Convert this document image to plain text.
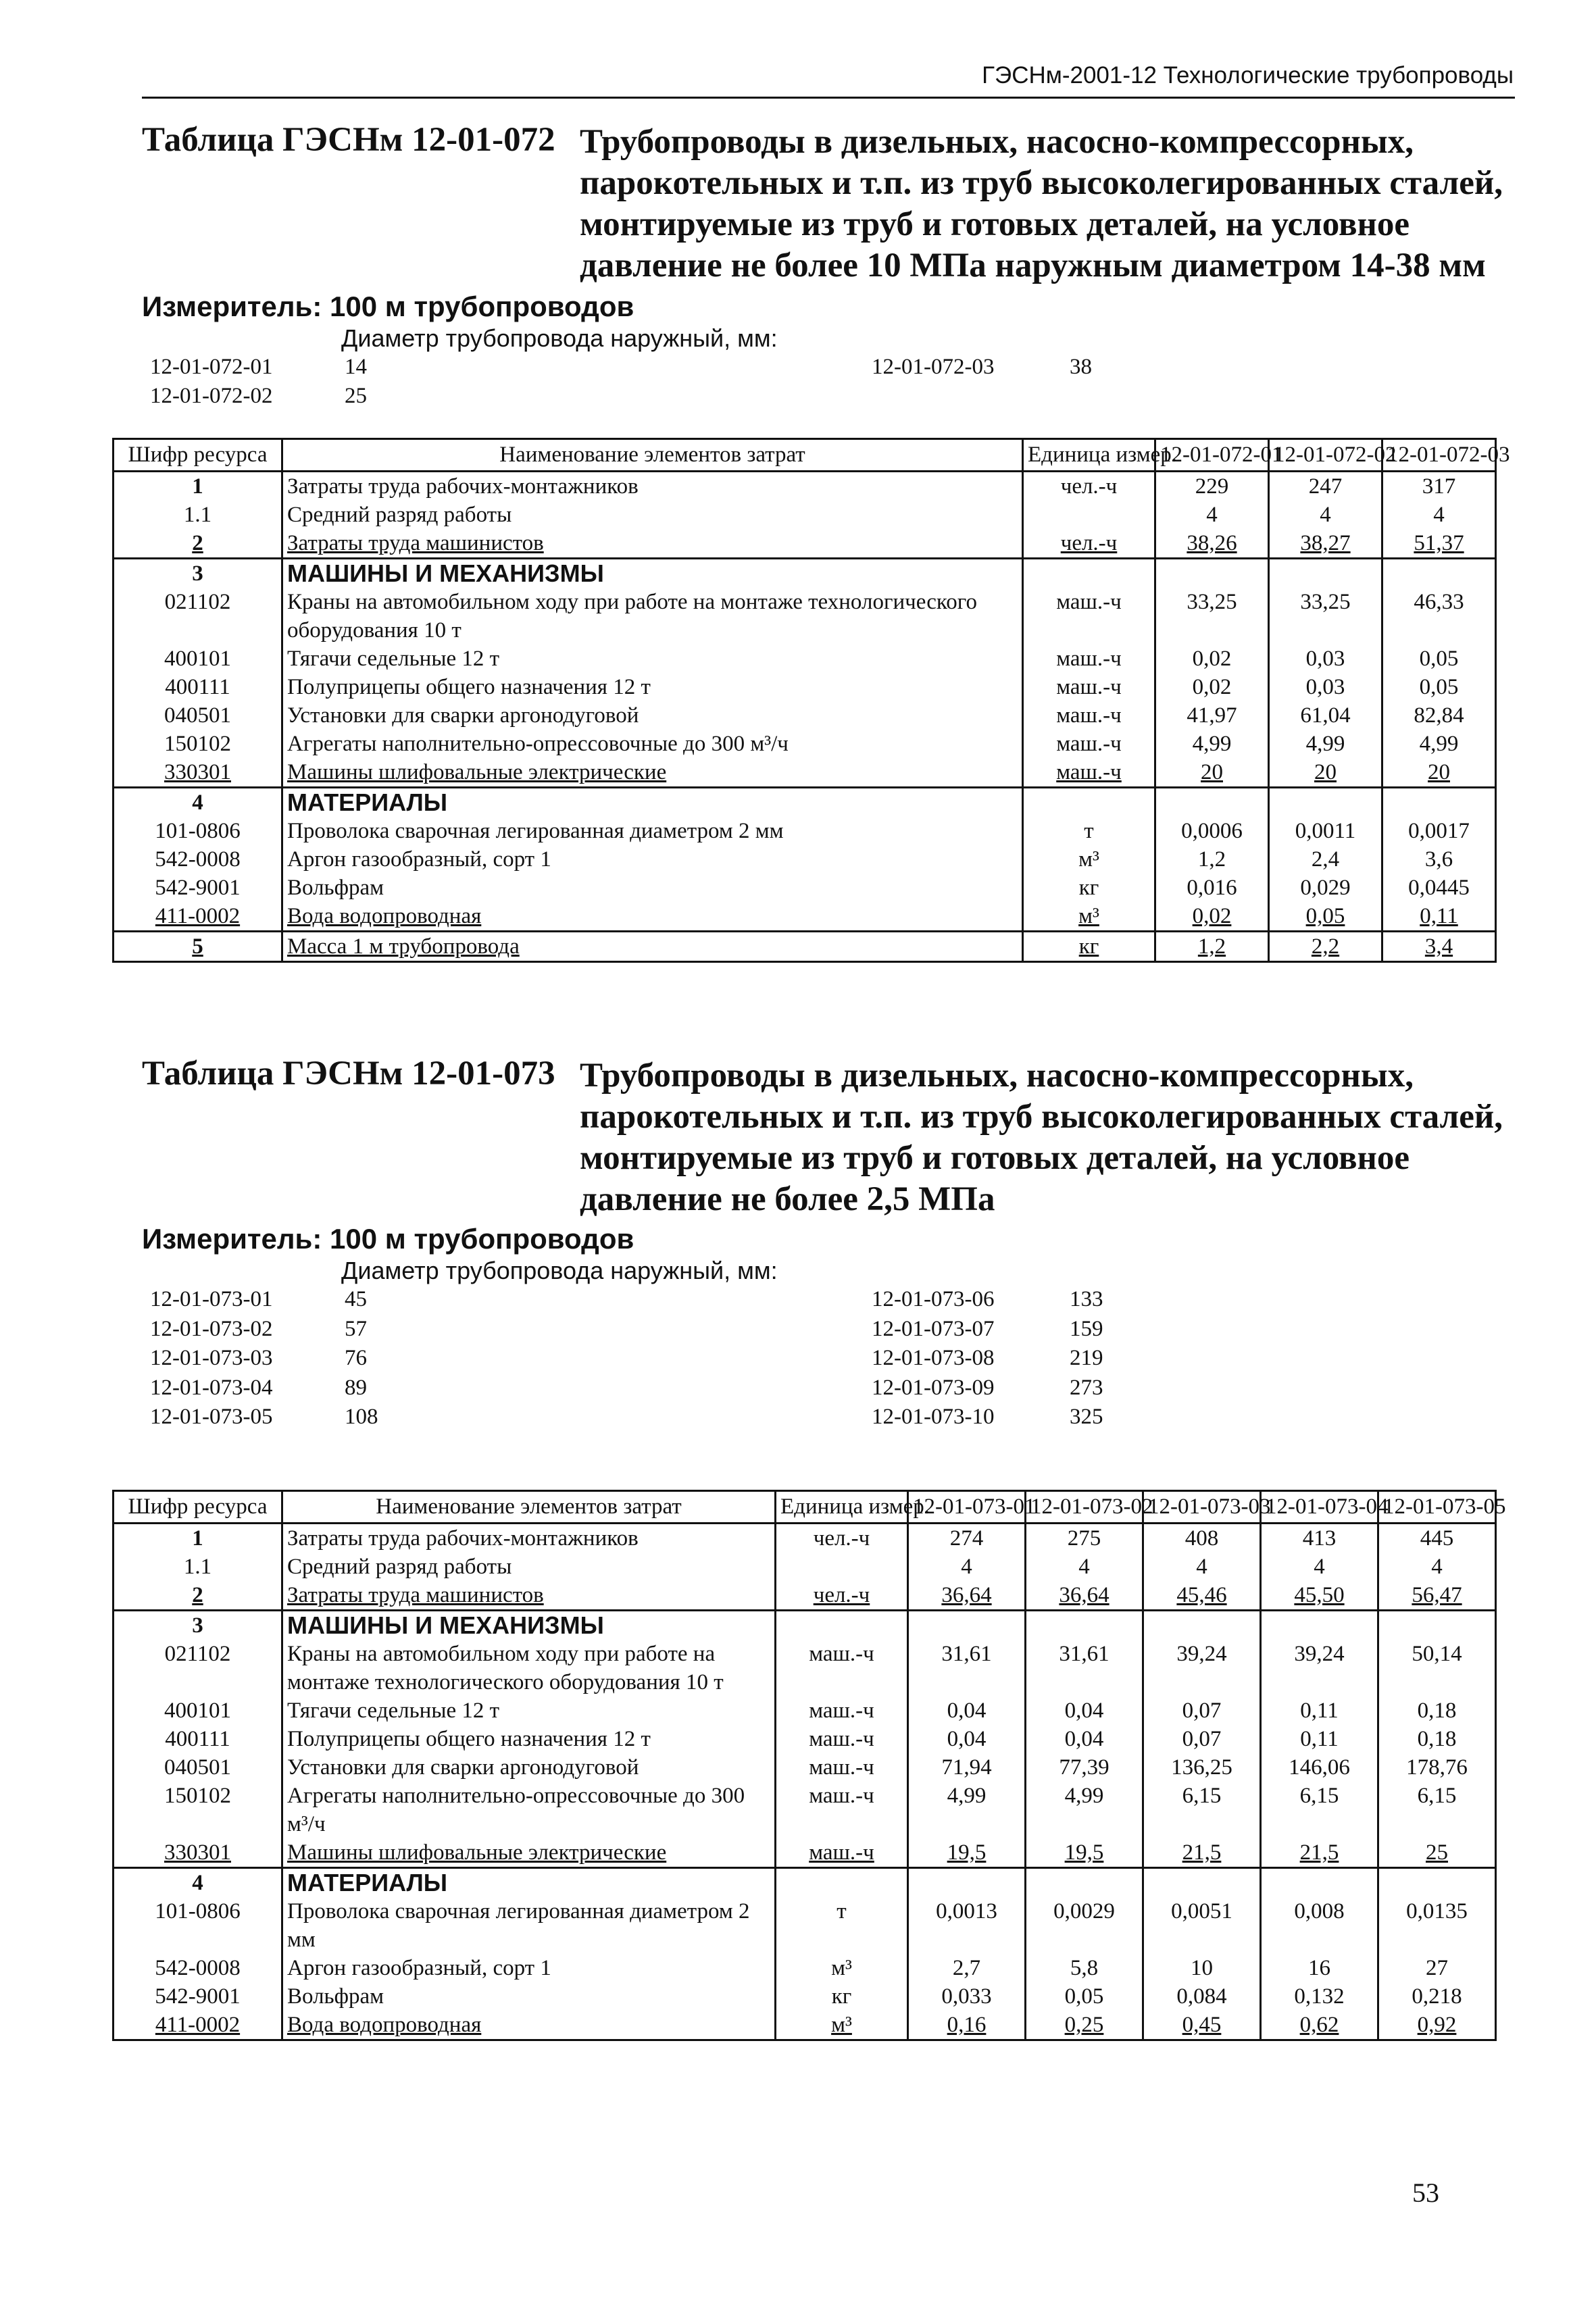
ГЭСНм-2001-12 Технологические трубопроводы
Таблица ГЭСНм 12-01-072 Трубопроводы в дизельных, насосно-компрессорных, парокотельных и т.п. из труб высоколегированных сталей, монтируемые из труб и готовых деталей, на условное давление не более 10 МПа наружным диаметром 14-38 мм
Измеритель: 100 м трубопроводов
Диаметр трубопровода наружный, мм:
12-01-072-01	14
12-01-072-02	25
12-01-072-03	38
Шифр ресурса	Наименование элементов затрат	Единица измер.	12-01-072-01	12-01-072-02	12-01-072-03
1	Затраты труда рабочих-монтажников	чел.-ч	229	247	317
1.1	Средний разряд работы		4	4	4
2	Затраты труда машинистов	чел.-ч	38,26	38,27	51,37
3	МАШИНЫ И МЕХАНИЗМЫ				
021102	Краны на автомобильном ходу при работе на монтаже технологического оборудования 10 т	маш.-ч	33,25	33,25	46,33
400101	Тягачи седельные 12 т	маш.-ч	0,02	0,03	0,05
400111	Полуприцепы общего назначения 12 т	маш.-ч	0,02	0,03	0,05
040501	Установки для сварки аргонодуговой	маш.-ч	41,97	61,04	82,84
150102	Агрегаты наполнительно-опрессовочные до 300 м³/ч	маш.-ч	4,99	4,99	4,99
330301	Машины шлифовальные электрические	маш.-ч	20	20	20
4	МАТЕРИАЛЫ				
101-0806	Проволока сварочная легированная диаметром 2 мм	т	0,0006	0,0011	0,0017
542-0008	Аргон газообразный, сорт 1	м³	1,2	2,4	3,6
542-9001	Вольфрам	кг	0,016	0,029	0,0445
411-0002	Вода водопроводная	м³	0,02	0,05	0,11
5	Масса 1 м трубопровода	кг	1,2	2,2	3,4
Таблица ГЭСНм 12-01-073 Трубопроводы в дизельных, насосно-компрессорных, парокотельных и т.п. из труб высоколегированных сталей, монтируемые из труб и готовых деталей, на условное давление не более 2,5 МПа
Измеритель: 100 м трубопроводов
Диаметр трубопровода наружный, мм:
12-01-073-01	45
12-01-073-02	57
12-01-073-03	76
12-01-073-04	89
12-01-073-05	108
12-01-073-06	133
12-01-073-07	159
12-01-073-08	219
12-01-073-09	273
12-01-073-10	325
Шифр ресурса	Наименование элементов затрат	Единица измер.	12-01-073-01	12-01-073-02	12-01-073-03	12-01-073-04	12-01-073-05
1	Затраты труда рабочих-монтажников	чел.-ч	274	275	408	413	445
1.1	Средний разряд работы		4	4	4	4	4
2	Затраты труда машинистов	чел.-ч	36,64	36,64	45,46	45,50	56,47
3	МАШИНЫ И МЕХАНИЗМЫ						
021102	Краны на автомобильном ходу при работе на монтаже технологического оборудования 10 т	маш.-ч	31,61	31,61	39,24	39,24	50,14
400101	Тягачи седельные 12 т	маш.-ч	0,04	0,04	0,07	0,11	0,18
400111	Полуприцепы общего назначения 12 т	маш.-ч	0,04	0,04	0,07	0,11	0,18
040501	Установки для сварки аргонодуговой	маш.-ч	71,94	77,39	136,25	146,06	178,76
150102	Агрегаты наполнительно-опрессовочные до 300 м³/ч	маш.-ч	4,99	4,99	6,15	6,15	6,15
330301	Машины шлифовальные электрические	маш.-ч	19,5	19,5	21,5	21,5	25
4	МАТЕРИАЛЫ						
101-0806	Проволока сварочная легированная диаметром 2 мм	т	0,0013	0,0029	0,0051	0,008	0,0135
542-0008	Аргон газообразный, сорт 1	м³	2,7	5,8	10	16	27
542-9001	Вольфрам	кг	0,033	0,05	0,084	0,132	0,218
411-0002	Вода водопроводная	м³	0,16	0,25	0,45	0,62	0,92
53
